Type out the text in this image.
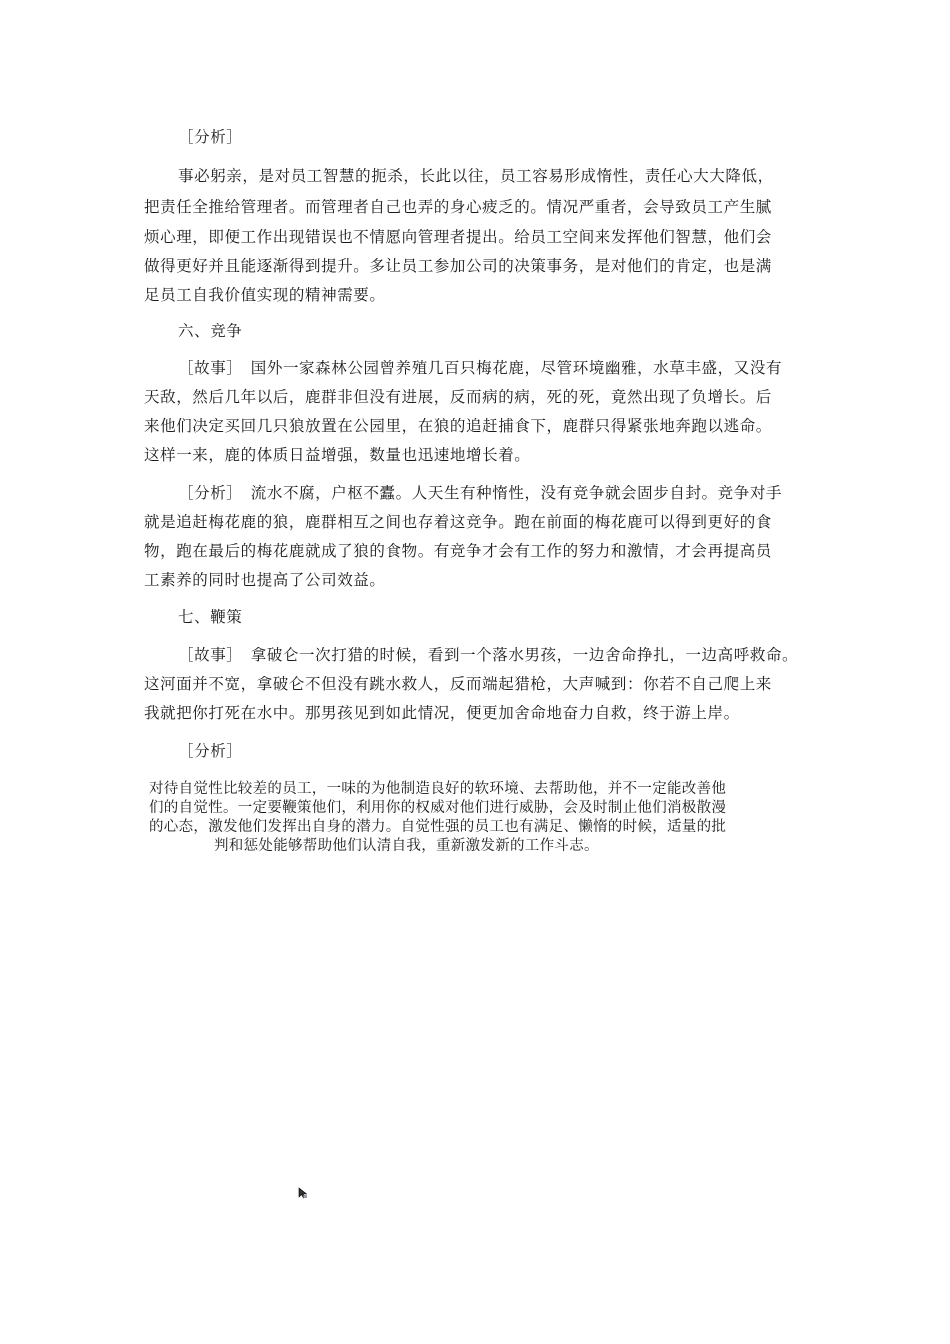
［分析］
事必躬亲，是对员工智慧的扼杀，长此以往，员工容易形成惰性，责任心大大降低，
把责任全推给管理者。而管理者自己也弄的身心疲乏的。情况严重者，会导致员工产生腻
烦心理，即便工作出现错误也不情愿向管理者提出。给员工空间来发挥他们智慧，他们会
做得更好并且能逐渐得到提升。多让员工参加公司的决策事务，是对他们的肯定，也是满
足员工自我价值实现的精神需要。
六、竞争
［故事］　国外一家森林公园曾养殖几百只梅花鹿，尽管环境幽雅，水草丰盛，又没有
天敌，然后几年以后，鹿群非但没有进展，反而病的病，死的死，竟然出现了负增长。后
来他们决定买回几只狼放置在公园里，在狼的追赶捕食下，鹿群只得紧张地奔跑以逃命。
这样一来，鹿的体质日益增强，数量也迅速地增长着。
［分析］　流水不腐，户枢不蠹。人天生有种惰性，没有竞争就会固步自封。竞争对手
就是追赶梅花鹿的狼，鹿群相互之间也存着这竞争。跑在前面的梅花鹿可以得到更好的食
物，跑在最后的梅花鹿就成了狼的食物。有竞争才会有工作的努力和激情，才会再提高员
工素养的同时也提高了公司效益。
七、鞭策
［故事］　拿破仑一次打猎的时候，看到一个落水男孩，一边舍命挣扎，一边高呼救命。
这河面并不宽，拿破仑不但没有跳水救人，反而端起猎枪，大声喊到：你若不自己爬上来
我就把你打死在水中。那男孩见到如此情况，便更加舍命地奋力自救，终于游上岸。
［分析］
对待自觉性比较差的员工，一味的为他制造良好的软环境、去帮助他，并不一定能改善他
们的自觉性。一定要鞭策他们，利用你的权威对他们进行威胁，会及时制止他们消极散漫
的心态，激发他们发挥出自身的潜力。自觉性强的员工也有满足、懒惰的时候，适量的批
判和惩处能够帮助他们认清自我，重新激发新的工作斗志。
